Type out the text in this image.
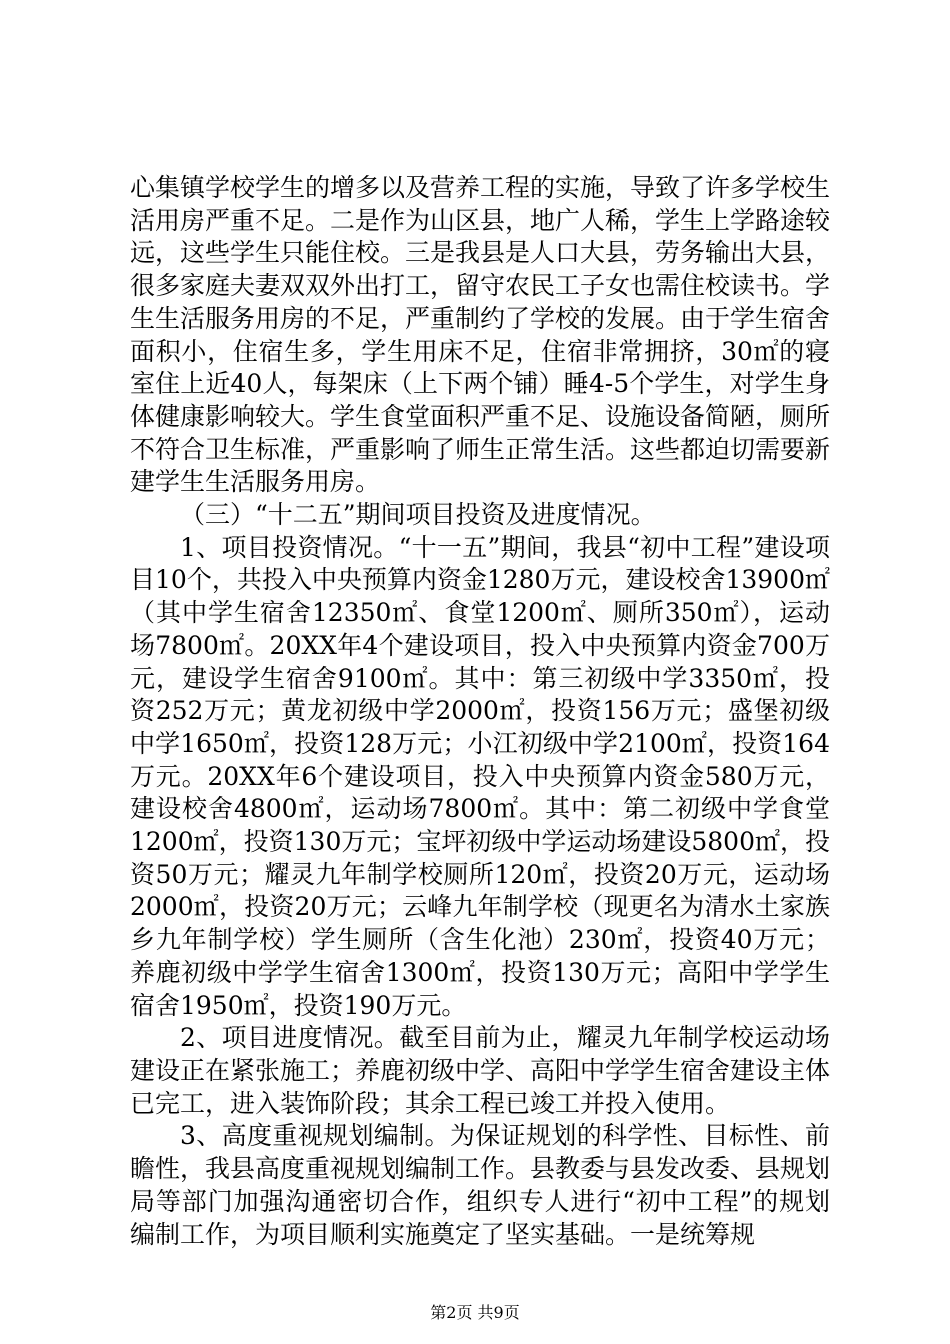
心集镇学校学生的增多以及营养工程的实施，导致了许多学校生活用房严重不足。二是作为山区县，地广人稀，学生上学路途较远，这些学生只能住校。三是我县是人口大县，劳务输出大县，很多家庭夫妻双双外出打工，留守农民工子女也需住校读书。学生生活服务用房的不足，严重制约了学校的发展。由于学生宿舍面积小，住宿生多，学生用床不足，住宿非常拥挤，30㎡的寝室住上近40人，每架床（上下两个铺）睡4-5个学生，对学生身体健康影响较大。学生食堂面积严重不足、设施设备简陋，厕所不符合卫生标准，严重影响了师生正常生活。这些都迫切需要新建学生生活服务用房。

（三）“十二五”期间项目投资及进度情况。

1、项目投资情况。“十一五”期间，我县“初中工程”建设项目10个，共投入中央预算内资金1280万元，建设校舍13900㎡（其中学生宿舍12350㎡、食堂1200㎡、厕所350㎡），运动场7800㎡。20XX年4个建设项目，投入中央预算内资金700万元，建设学生宿舍9100㎡。其中：第三初级中学3350㎡，投资252万元；黄龙初级中学2000㎡，投资156万元；盛堡初级中学1650㎡，投资128万元；小江初级中学2100㎡，投资164万元。20XX年6个建设项目，投入中央预算内资金580万元，建设校舍4800㎡，运动场7800㎡。其中：第二初级中学食堂1200㎡，投资130万元；宝坪初级中学运动场建设5800㎡，投资50万元；耀灵九年制学校厕所120㎡，投资20万元，运动场2000㎡，投资20万元；云峰九年制学校（现更名为清水土家族乡九年制学校）学生厕所（含生化池）230㎡，投资40万元；养鹿初级中学学生宿舍1300㎡，投资130万元；高阳中学学生宿舍1950㎡，投资190万元。

2、项目进度情况。截至目前为止，耀灵九年制学校运动场建设正在紧张施工；养鹿初级中学、高阳中学学生宿舍建设主体已完工，进入装饰阶段；其余工程已竣工并投入使用。

3、高度重视规划编制。为保证规划的科学性、目标性、前瞻性，我县高度重视规划编制工作。县教委与县发改委、县规划局等部门加强沟通密切合作，组织专人进行“初中工程”的规划编制工作，为项目顺利实施奠定了坚实基础。一是统筹规

第2页 共9页
